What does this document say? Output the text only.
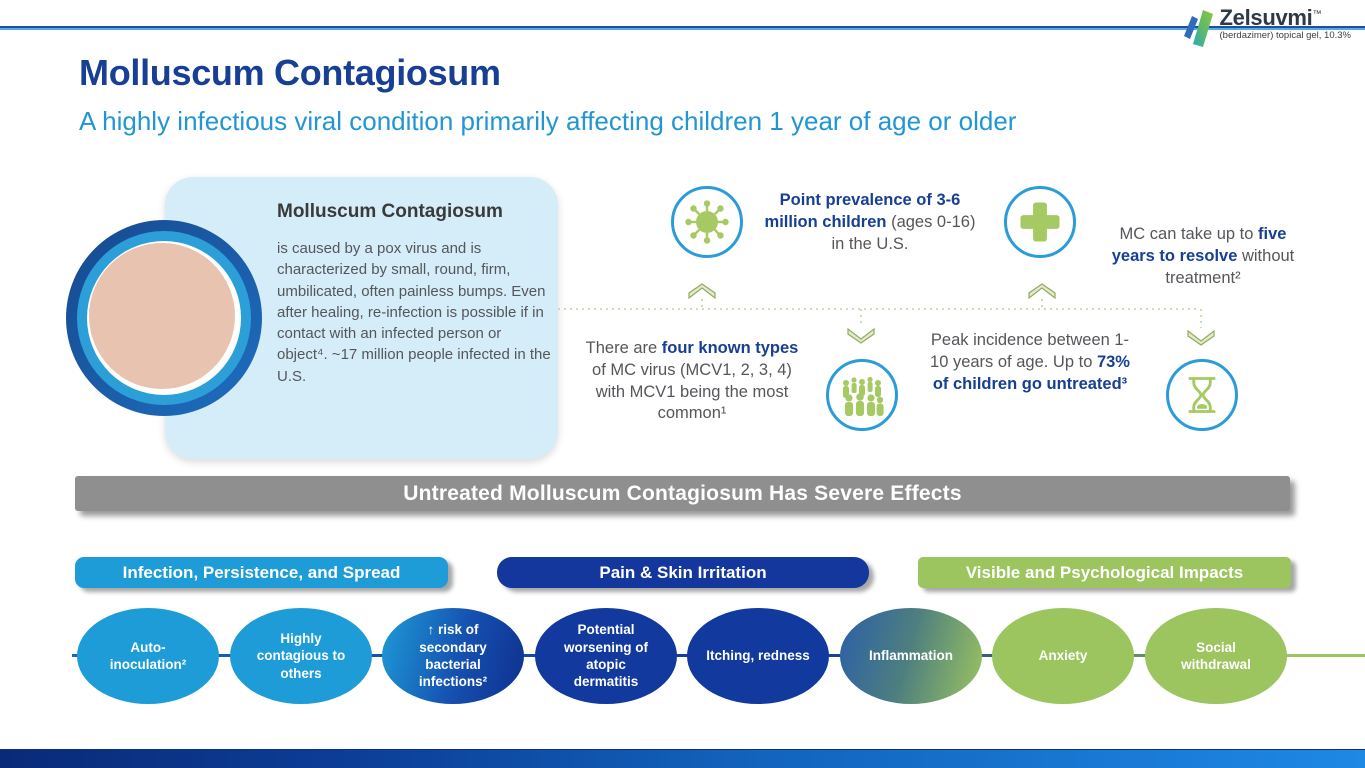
Zelsuvmi™
(berdazimer) topical gel, 10.3%
Molluscum Contagiosum
A highly infectious viral condition primarily affecting children 1 year of age or older
Molluscum Contagiosum
is caused by a pox virus and is characterized by small, round, firm, umbilicated, often painless bumps. Even after healing, re-infection is possible if in contact with an infected person or object⁴. ~17 million people infected in the U.S.
Point prevalence of 3-6 million children (ages 0-16) in the U.S.
MC can take up to five years to resolve without treatment²
There are four known types of MC virus (MCV1, 2, 3, 4) with MCV1 being the most common¹
Peak incidence between 1-10 years of age. Up to 73% of children go untreated³
Untreated Molluscum Contagiosum Has Severe Effects
Infection, Persistence, and Spread	Pain & Skin Irritation	Visible and Psychological Impacts
Auto-inoculation²
Highly contagious to others
↑ risk of secondary bacterial infections²
Potential worsening of atopic dermatitis
Itching, redness	Inflammation	Anxiety
Social withdrawal
